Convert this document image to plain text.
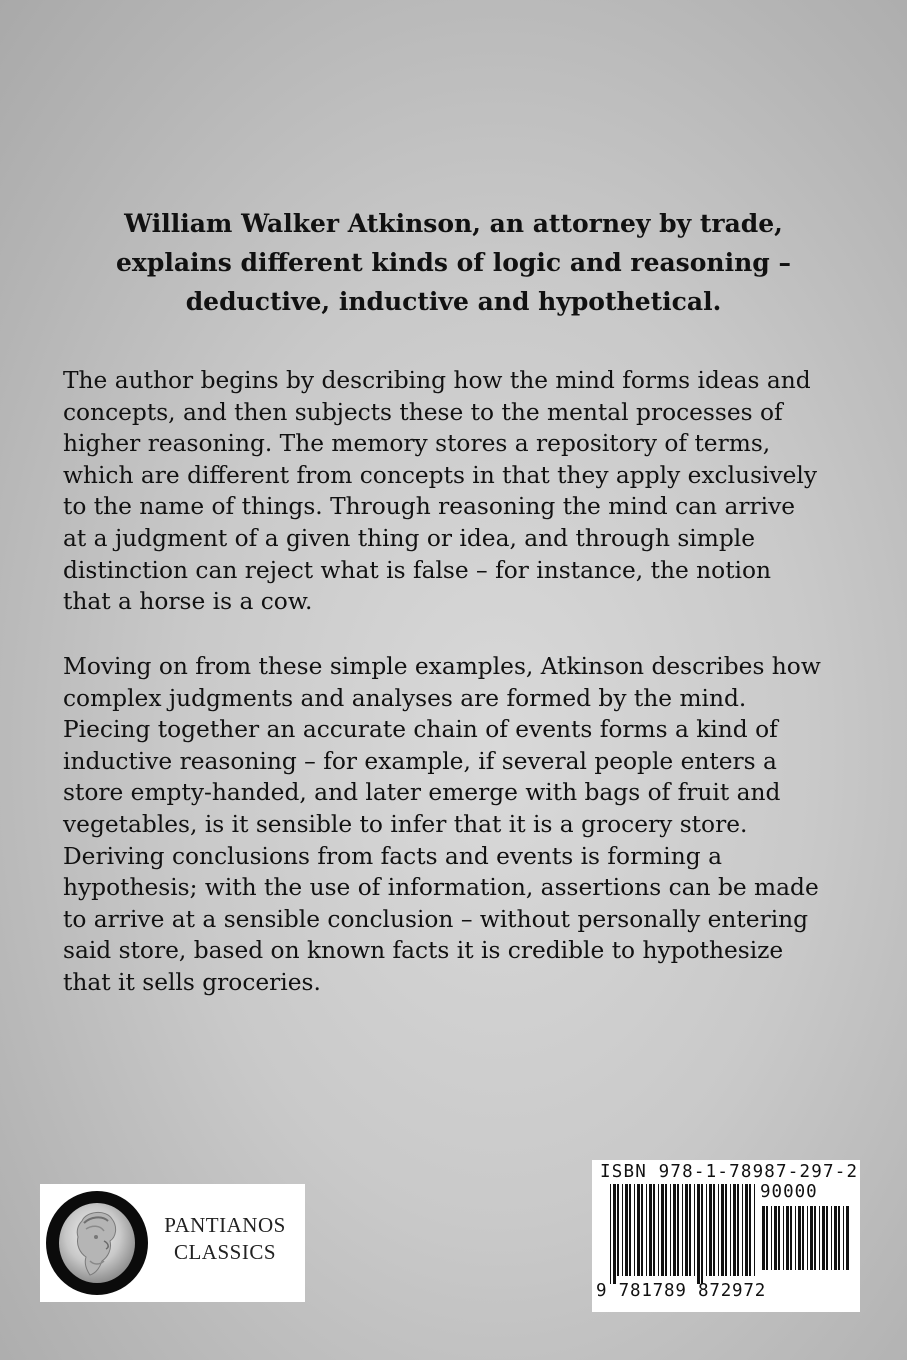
William Walker Atkinson, an attorney by trade,
explains different kinds of logic and reasoning –
deductive, inductive and hypothetical.
The author begins by describing how the mind forms ideas and
concepts, and then subjects these to the mental processes of
higher reasoning. The memory stores a repository of terms,
which are different from concepts in that they apply exclusively
to the name of things. Through reasoning the mind can arrive
at a judgment of a given thing or idea, and through simple
distinction can reject what is false – for instance, the notion
that a horse is a cow.
Moving on from these simple examples, Atkinson describes how
complex judgments and analyses are formed by the mind.
Piecing together an accurate chain of events forms a kind of
inductive reasoning – for example, if several people enters a
store empty-handed, and later emerge with bags of fruit and
vegetables, is it sensible to infer that it is a grocery store.
Deriving conclusions from facts and events is forming a
hypothesis; with the use of information, assertions can be made
to arrive at a sensible conclusion – without personally entering
said store, based on known facts it is credible to hypothesize
that it sells groceries.
PANTIANOS
CLASSICS
ISBN 978-1-78987-297-2
90000
9 781789 872972
